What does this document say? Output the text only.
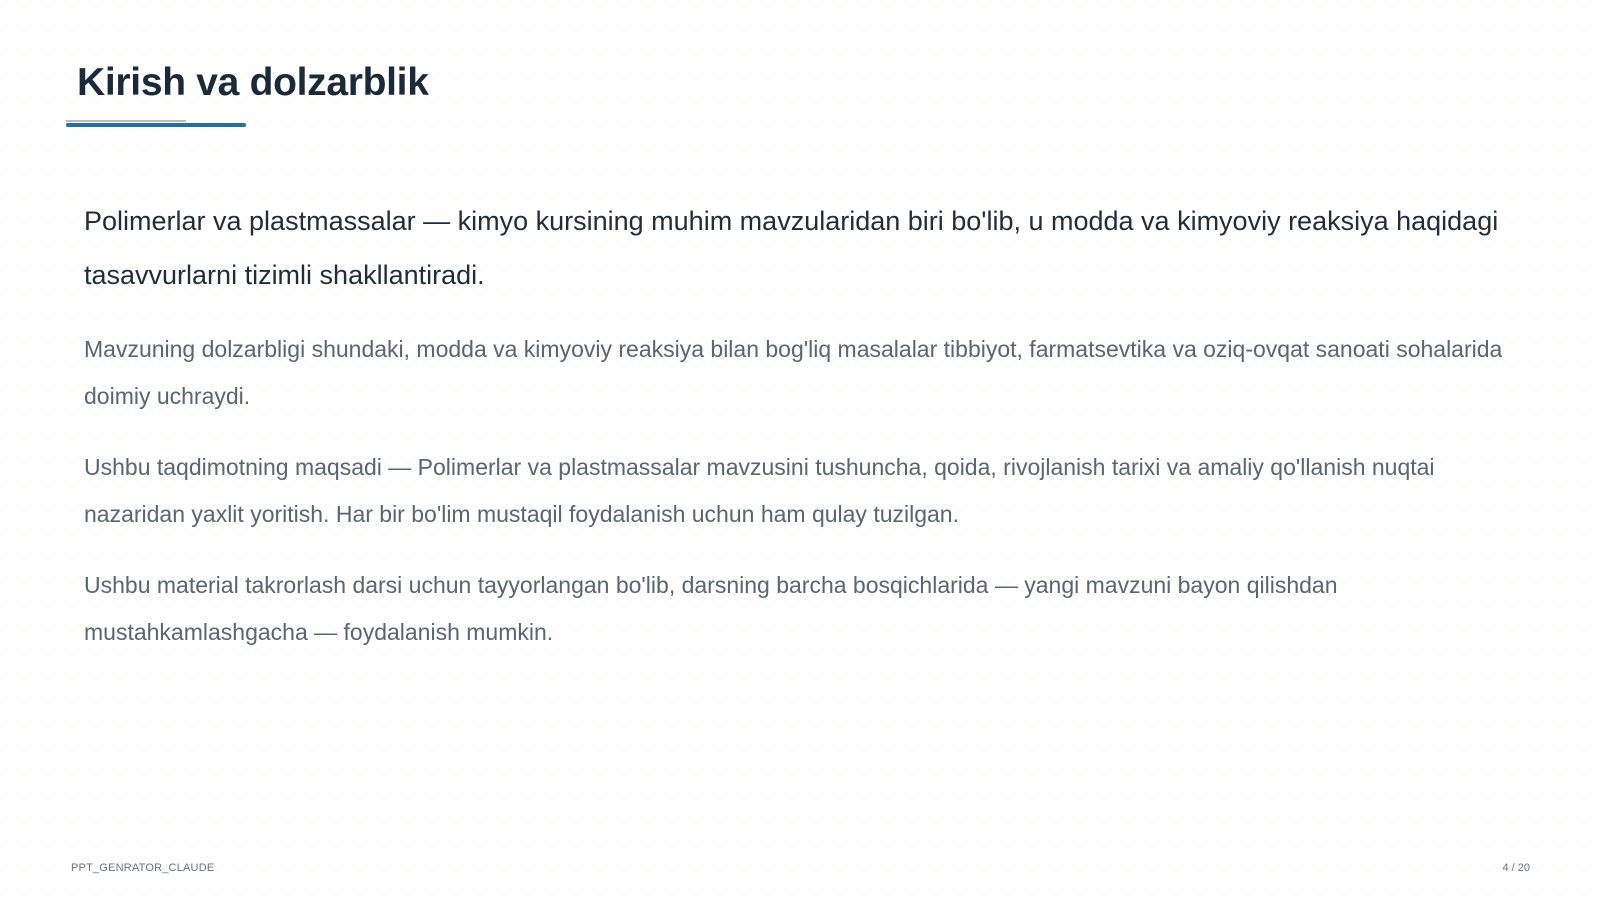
Kirish va dolzarblik

Polimerlar va plastmassalar — kimyo kursining muhim mavzularidan biri bo'lib, u modda va kimyoviy reaksiya haqidagi tasavvurlarni tizimli shakllantiradi.

Mavzuning dolzarbligi shundaki, modda va kimyoviy reaksiya bilan bog'liq masalalar tibbiyot, farmatsevtika va oziq-ovqat sanoati sohalarida doimiy uchraydi.

Ushbu taqdimotning maqsadi — Polimerlar va plastmassalar mavzusini tushuncha, qoida, rivojlanish tarixi va amaliy qo'llanish nuqtai nazaridan yaxlit yoritish. Har bir bo'lim mustaqil foydalanish uchun ham qulay tuzilgan.

Ushbu material takrorlash darsi uchun tayyorlangan bo'lib, darsning barcha bosqichlarida — yangi mavzuni bayon qilishdan mustahkamlashgacha — foydalanish mumkin.

PPT_GENRATOR_CLAUDE	4 / 20
